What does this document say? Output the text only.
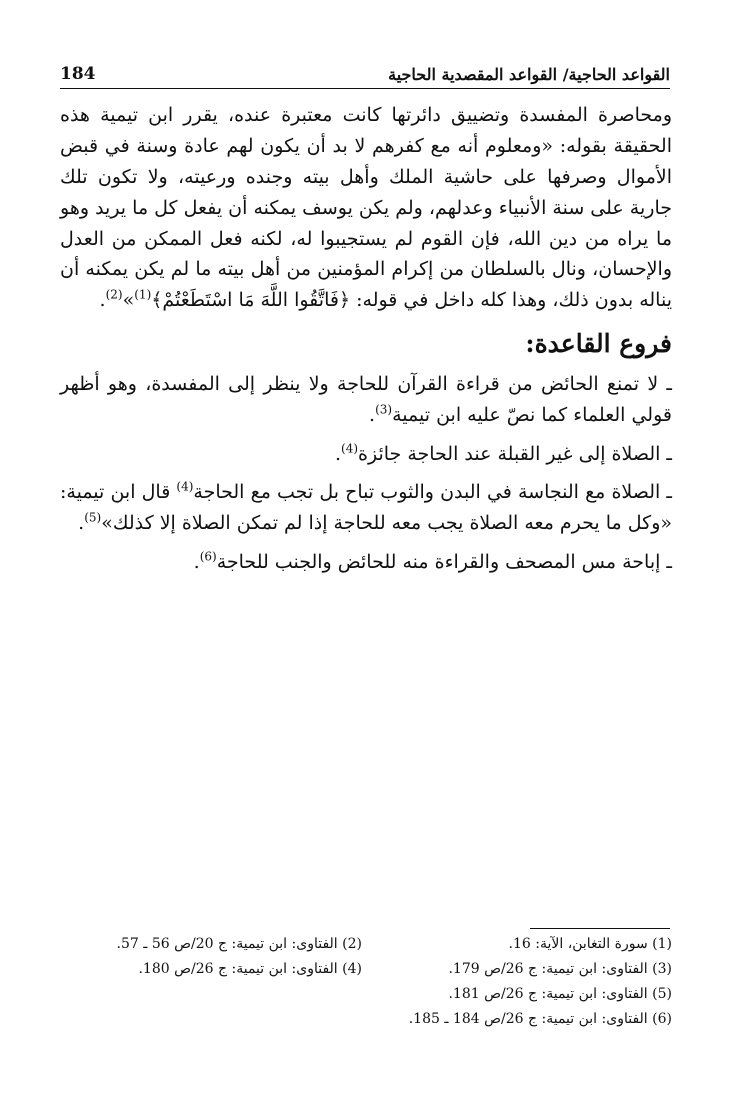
184	القواعد الحاجية/ القواعد المقصدية الحاجية

ومحاصرة المفسدة وتضييق دائرتها كانت معتبرة عنده، يقرر ابن تيمية هذه الحقيقة بقوله: «ومعلوم أنه مع كفرهم لا بد أن يكون لهم عادة وسنة في قبض الأموال وصرفها على حاشية الملك وأهل بيته وجنده ورعيته، ولا تكون تلك جارية على سنة الأنبياء وعدلهم، ولم يكن يوسف يمكنه أن يفعل كل ما يريد وهو ما يراه من دين الله، فإن القوم لم يستجيبوا له، لكنه فعل الممكن من العدل والإحسان، ونال بالسلطان من إكرام المؤمنين من أهل بيته ما لم يكن يمكنه أن يناله بدون ذلك، وهذا كله داخل في قوله: ﴿فَاتَّقُوا اللَّهَ مَا اسْتَطَعْتُمْ﴾$^{(1)}$»$^{(2)}$.

فروع القاعدة:

ـ لا تمنع الحائض من قراءة القرآن للحاجة ولا ينظر إلى المفسدة، وهو أظهر قولي العلماء كما نصّ عليه ابن تيمية$^{(3)}$.

ـ الصلاة إلى غير القبلة عند الحاجة جائزة$^{(4)}$.

ـ الصلاة مع النجاسة في البدن والثوب تباح بل تجب مع الحاجة$^{(4)}$ قال ابن تيمية: «وكل ما يحرم معه الصلاة يجب معه للحاجة إذا لم تمكن الصلاة إلا كذلك»$^{(5)}$.

ـ إباحة مس المصحف والقراءة منه للحائض والجنب للحاجة$^{(6)}$.

(1) سورة التغابن، الآية: 16.
(2) الفتاوى: ابن تيمية: ج 20/ص 56 ـ 57.
(3) الفتاوى: ابن تيمية: ج 26/ص 179.
(4) الفتاوى: ابن تيمية: ج 26/ص 180.
(5) الفتاوى: ابن تيمية: ج 26/ص 181.
(6) الفتاوى: ابن تيمية: ج 26/ص 184 ـ 185.
